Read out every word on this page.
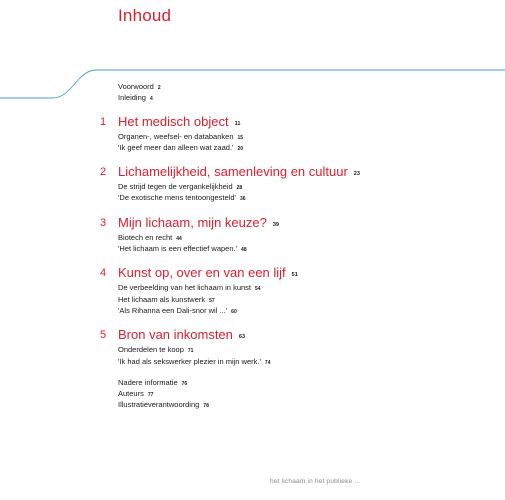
Inhoud
Voorwoord 2
Inleiding 4
1 Het medisch object 11
Organen-, weefsel- en databanken 15
'Ik geef meer dan alleen wat zaad.' 20
2 Lichamelijkheid, samenleving en cultuur 23
De strijd tegen de vergankelijkheid 28
'De exotische mens tentoongesteld' 36
3 Mijn lichaam, mijn keuze? 39
Biotech en recht 44
'Het lichaam is een effectief wapen.' 48
4 Kunst op, over en van een lijf 51
De verbeelding van het lichaam in kunst 54
Het lichaam als kunstwerk 57
'Als Rihanna een Dali-snor wil ...' 60
5 Bron van inkomsten 63
Onderdelen te koop 71
'Ik had als sekswerker plezier in mijn werk.' 74
Nadere informatie 76
Auteurs 77
Illustratieverantwoording 78
het lichaam in het publieke ...
